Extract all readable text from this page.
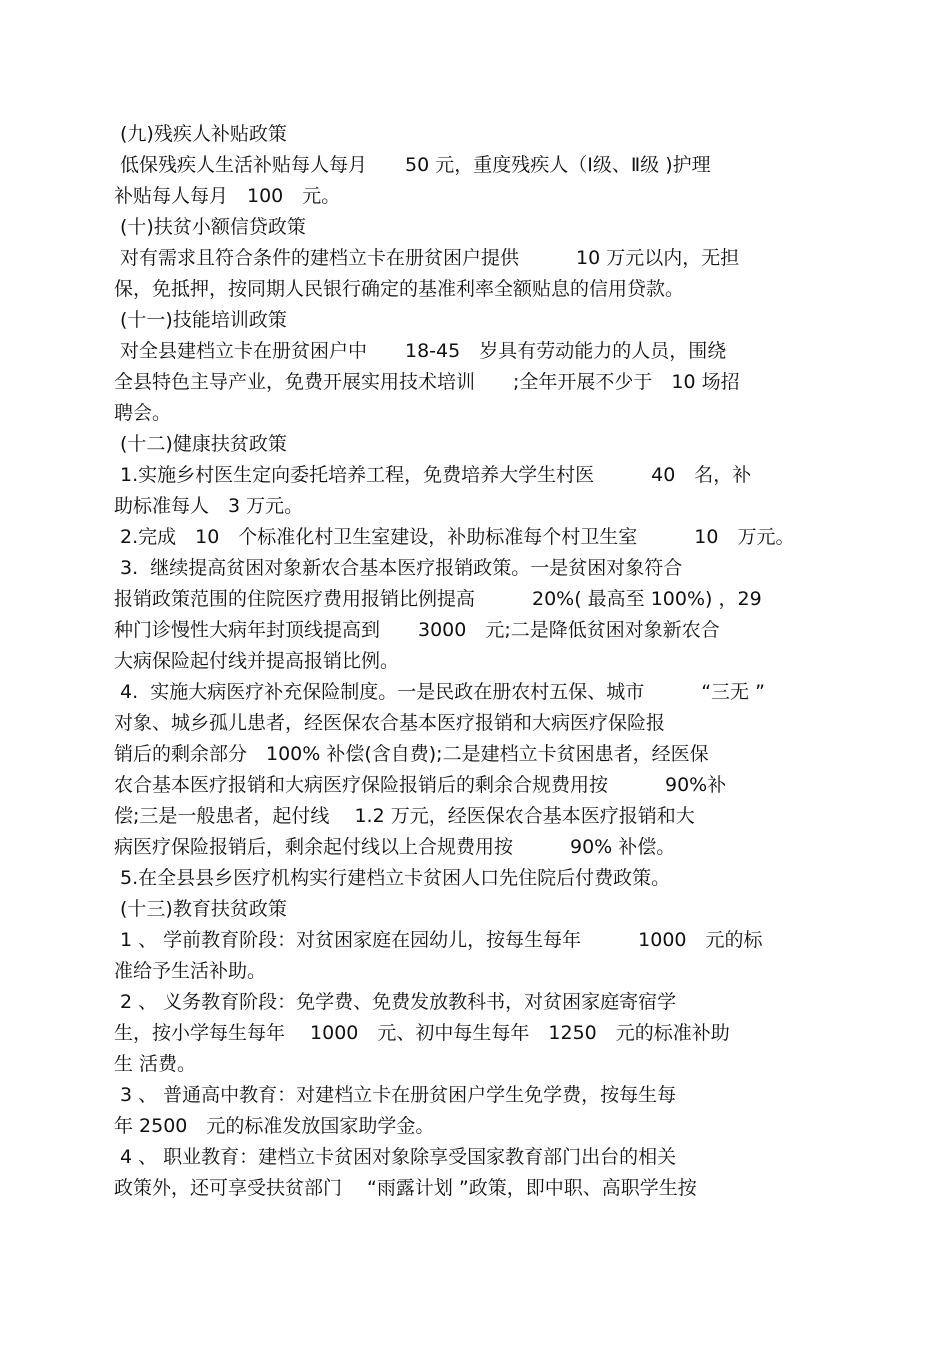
(九)残疾人补贴政策
低保残疾人生活补贴每人每月　　50 元，重度残疾人（Ⅰ级、Ⅱ级 )护理
补贴每人每月　100　元。
(十)扶贫小额信贷政策
对有需求且符合条件的建档立卡在册贫困户提供　　　10 万元以内，无担
保，免抵押，按同期人民银行确定的基准利率全额贴息的信用贷款。
(十一)技能培训政策
对全县建档立卡在册贫困户中　　18-45　岁具有劳动能力的人员，围绕
全县特色主导产业，免费开展实用技术培训　　;全年开展不少于　10 场招
聘会。
(十二)健康扶贫政策
1.实施乡村医生定向委托培养工程，免费培养大学生村医　　　40　名，补
助标准每人　3 万元。
2.完成　10　个标准化村卫生室建设，补助标准每个村卫生室　　　10　万元。
3.  继续提高贫困对象新农合基本医疗报销政策。一是贫困对象符合
报销政策范围的住院医疗费用报销比例提高　　　20%( 最高至 100%) ，29
种门诊慢性大病年封顶线提高到　　3000　元;二是降低贫困对象新农合
大病保险起付线并提高报销比例。
4.  实施大病医疗补充保险制度。一是民政在册农村五保、城市　　　“三无 ”
对象、城乡孤儿患者，经医保农合基本医疗报销和大病医疗保险报
销后的剩余部分　100% 补偿(含自费);二是建档立卡贫困患者，经医保
农合基本医疗报销和大病医疗保险报销后的剩余合规费用按　　　90%补
偿;三是一般患者，起付线　 1.2 万元，经医保农合基本医疗报销和大
病医疗保险报销后，剩余起付线以上合规费用按　　　90% 补偿。
5.在全县县乡医疗机构实行建档立卡贫困人口先住院后付费政策。
(十三)教育扶贫政策
1 、 学前教育阶段：对贫困家庭在园幼儿，按每生每年　　　1000　元的标
准给予生活补助。
2 、 义务教育阶段：免学费、免费发放教科书，对贫困家庭寄宿学
生，按小学每生每年　 1000　元、初中每生每年　1250　元的标准补助
生 活费。
3 、 普通高中教育：对建档立卡在册贫困户学生免学费，按每生每
年 2500　元的标准发放国家助学金。
4 、 职业教育：建档立卡贫困对象除享受国家教育部门出台的相关
政策外，还可享受扶贫部门　 “雨露计划 ”政策，即中职、高职学生按
